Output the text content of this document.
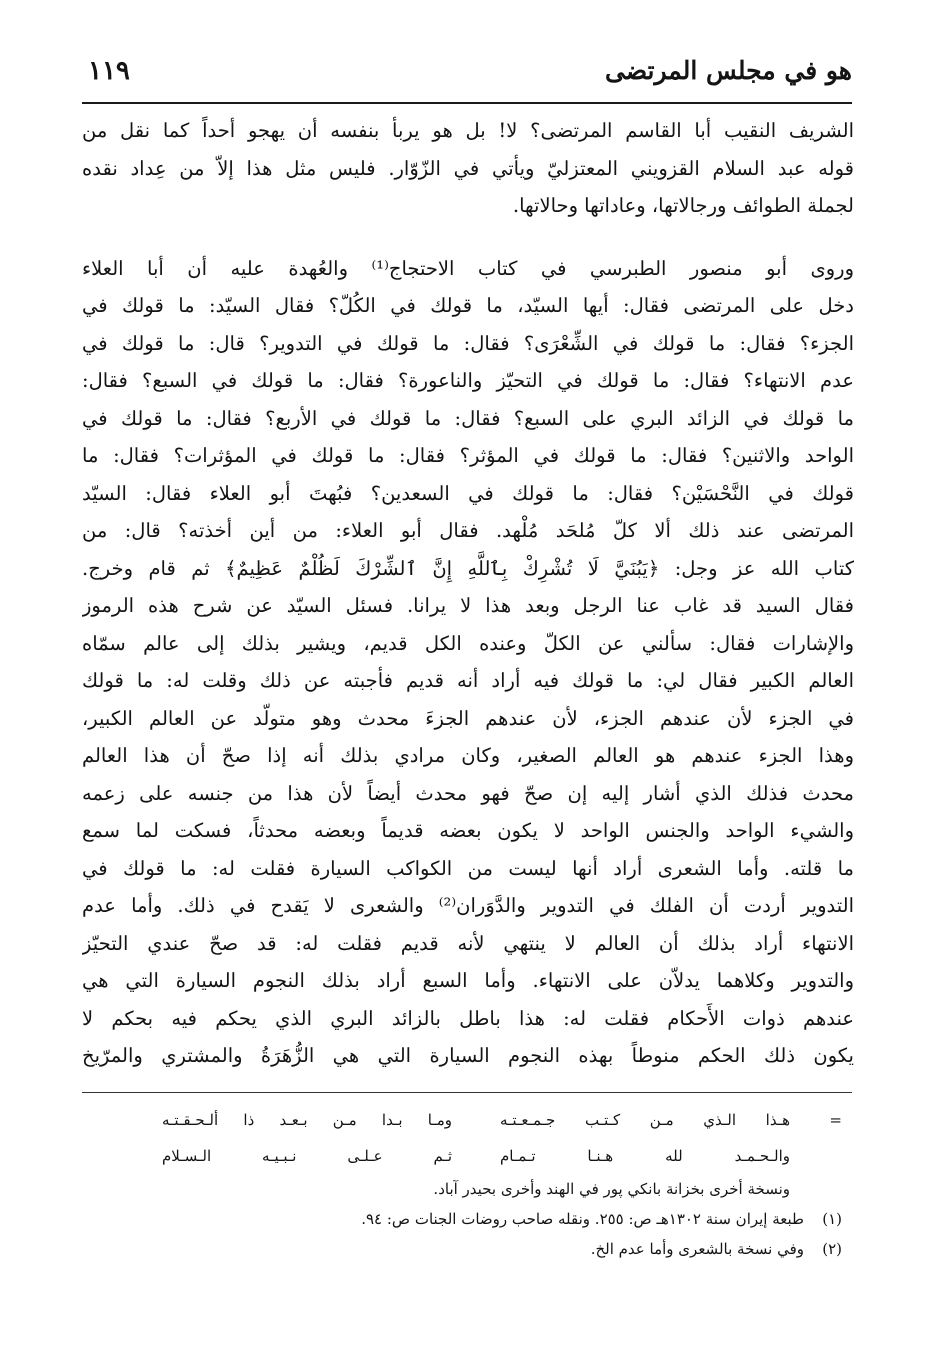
هو في مجلس المرتضى
١١٩
الشريف النقيب أبا القاسم المرتضى؟ لا! بل هو يربأ بنفسه أن يهجو أحداً كما نقل من
قوله عبد السلام القزويني المعتزليّ ويأتي في الزّوّار. فليس مثل هذا إلاّ من عِداد نقده
لجملة الطوائف ورجالاتها، وعاداتها وحالاتها.
وروى أبو منصور الطبرسي في كتاب الاحتجاج⁽¹⁾ والعُهدة عليه أن أبا العلاء
دخل على المرتضى فقال: أيها السيّد، ما قولك في الكُلّ؟ فقال السيّد: ما قولك في
الجزء؟ فقال: ما قولك في الشِّعْرَى؟ فقال: ما قولك في التدوير؟ قال: ما قولك في
عدم الانتهاء؟ فقال: ما قولك في التحيّز والناعورة؟ فقال: ما قولك في السبع؟ فقال:
ما قولك في الزائد البري على السبع؟ فقال: ما قولك في الأربع؟ فقال: ما قولك في
الواحد والاثنين؟ فقال: ما قولك في المؤثر؟ فقال: ما قولك في المؤثرات؟ فقال: ما
قولك في النَّحْسَيْن؟ فقال: ما قولك في السعدين؟ فبُهتَ أبو العلاء فقال: السيّد
المرتضى عند ذلك ألا كلّ مُلحَد مُلْهد. فقال أبو العلاء: من أين أخذته؟ قال: من
كتاب الله عز وجل: ﴿يَبُنَيَّ لَا تُشْرِكْ بِٱللَّهِ إِنَّ ٱلشِّرْكَ لَظُلْمٌ عَظِيمٌ﴾ ثم قام وخرج.
فقال السيد قد غاب عنا الرجل وبعد هذا لا يرانا. فسئل السيّد عن شرح هذه الرموز
والإشارات فقال: سألني عن الكلّ وعنده الكل قديم، ويشير بذلك إلى عالم سمّاه
العالم الكبير فقال لي: ما قولك فيه أراد أنه قديم فأجبته عن ذلك وقلت له: ما قولك
في الجزء لأن عندهم الجزء، لأن عندهم الجزءَ محدث وهو متولّد عن العالم الكبير،
وهذا الجزء عندهم هو العالم الصغير، وكان مرادي بذلك أنه إذا صحّ أن هذا العالم
محدث فذلك الذي أشار إليه إن صحّ فهو محدث أيضاً لأن هذا من جنسه على زعمه
والشيء الواحد والجنس الواحد لا يكون بعضه قديماً وبعضه محدثاً، فسكت لما سمع
ما قلته. وأما الشعرى أراد أنها ليست من الكواكب السيارة فقلت له: ما قولك في
التدوير أردت أن الفلك في التدوير والدَّوَران⁽²⁾ والشعرى لا يَقدح في ذلك. وأما عدم
الانتهاء أراد بذلك أن العالم لا ينتهي لأنه قديم فقلت له: قد صحّ عندي التحيّز
والتدوير وكلاهما يدلاّن على الانتهاء. وأما السبع أراد بذلك النجوم السيارة التي هي
عندهم ذوات الأَحكام فقلت له: هذا باطل بالزائد البري الذي يحكم فيه بحكم لا
يكون ذلك الحكم منوطاً بهذه النجوم السيارة التي هي الزُّهَرَةُ والمشتري والمرّيخ
=
هـذا الـذي مـن كـتـب جـمـعـتـه
ومـا بـدا مـن بـعـد ذا ألـحـقـتـه
والـحـمـد لله هـنـا تـمـام
ثـم عـلـى نـبـيـه الـسـلام
ونسخة أخرى بخزانة بانكي پور في الهند وأخرى بحيدر آباد.
(١)
طبعة إيران سنة ١٣٠٢هـ ص: ٢٥٥. ونقله صاحب روضات الجنات ص: ٩٤.
(٢)
وفي نسخة بالشعرى وأما عدم الخ.
